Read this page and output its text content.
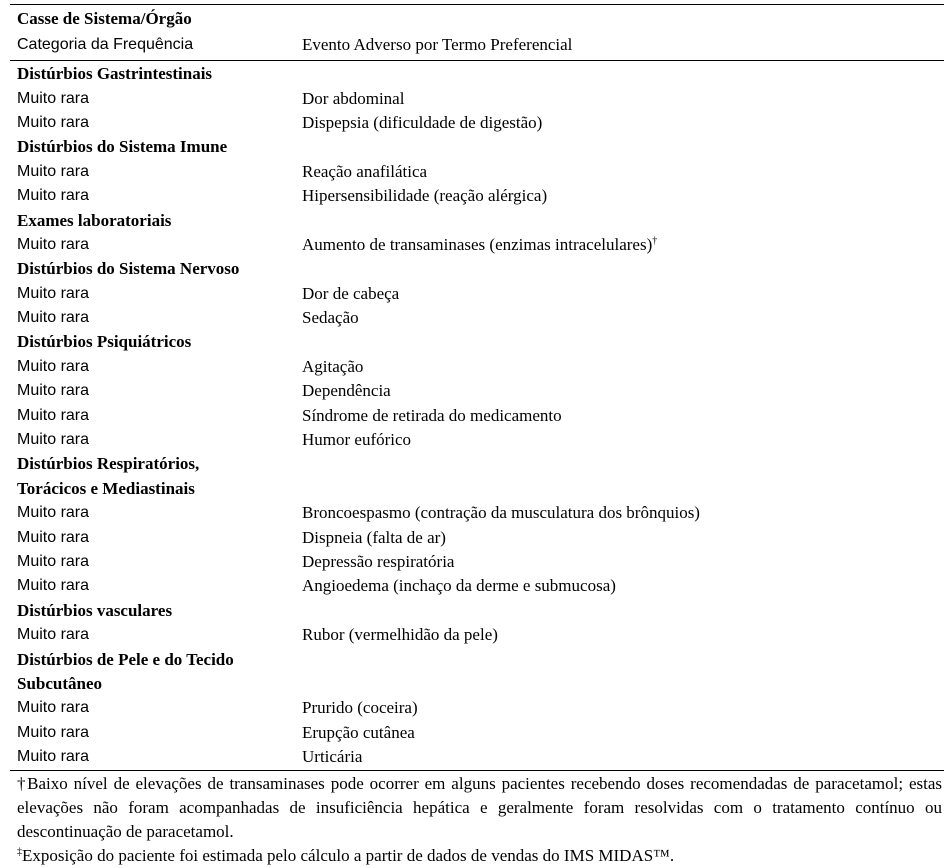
Casse de Sistema/Órgão
Categoria da Frequência	Evento Adverso por Termo Preferencial
Distúrbios Gastrintestinais
Muito rara	Dor abdominal
Muito rara	Dispepsia (dificuldade de digestão)
Distúrbios do Sistema Imune
Muito rara	Reação anafilática
Muito rara	Hipersensibilidade (reação alérgica)
Exames laboratoriais
Muito rara	Aumento de transaminases (enzimas intracelulares)†
Distúrbios do Sistema Nervoso
Muito rara	Dor de cabeça
Muito rara	Sedação
Distúrbios Psiquiátricos
Muito rara	Agitação
Muito rara	Dependência
Muito rara	Síndrome de retirada do medicamento
Muito rara	Humor eufórico
Distúrbios Respiratórios,
Torácicos e Mediastinais
Muito rara	Broncoespasmo (contração da musculatura dos brônquios)
Muito rara	Dispneia (falta de ar)
Muito rara	Depressão respiratória
Muito rara	Angioedema (inchaço da derme e submucosa)
Distúrbios vasculares
Muito rara	Rubor (vermelhidão da pele)
Distúrbios de Pele e do Tecido
Subcutâneo
Muito rara	Prurido (coceira)
Muito rara	Erupção cutânea
Muito rara	Urticária

†Baixo nível de elevações de transaminases pode ocorrer em alguns pacientes recebendo doses recomendadas de paracetamol; estas elevações não foram acompanhadas de insuficiência hepática e geralmente foram resolvidas com o tratamento contínuo ou descontinuação de paracetamol.

‡Exposição do paciente foi estimada pelo cálculo a partir de dados de vendas do IMS MIDAS™.
